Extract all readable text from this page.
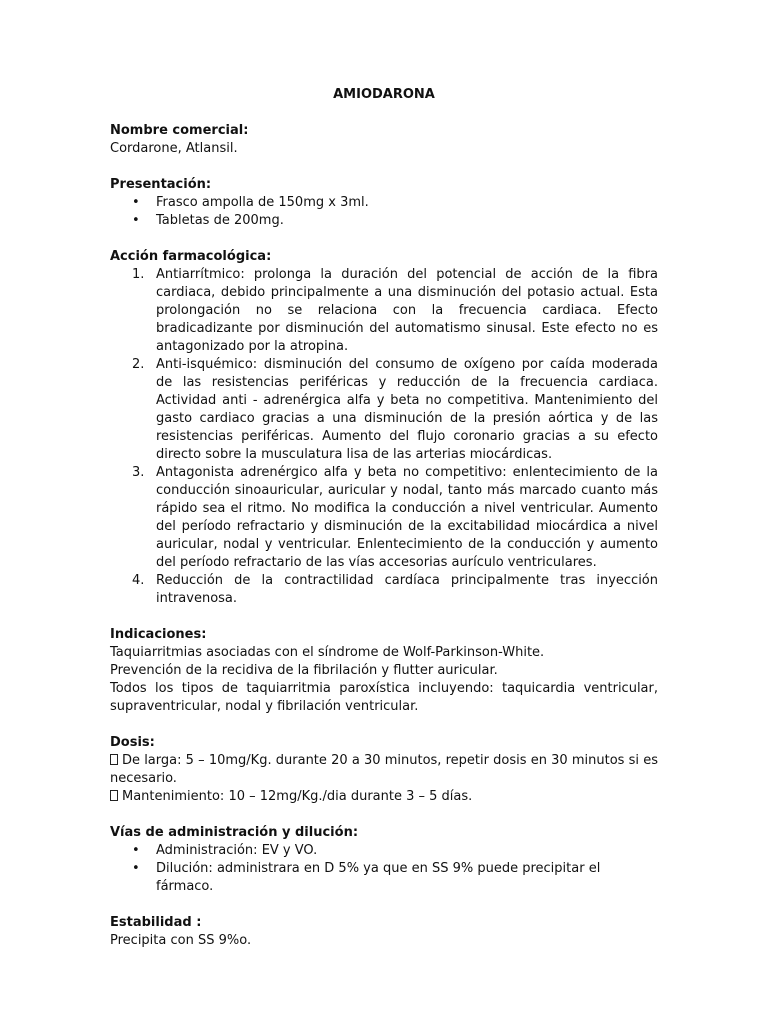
AMIODARONA

Nombre comercial:

Cordarone, Atlansil.

Presentación:

• Frasco ampolla de 150mg x 3ml.
• Tabletas de 200mg.

Acción farmacológica:

1. Antiarrítmico: prolonga la duración del potencial de acción de la fibra cardiaca, debido principalmente a una disminución del potasio actual. Esta prolongación no se relaciona con la frecuencia cardiaca. Efecto bradicadizante por disminución del automatismo sinusal. Este efecto no es antagonizado por la atropina.
2. Anti-isquémico: disminución del consumo de oxígeno por caída moderada de las resistencias periféricas y reducción de la frecuencia cardiaca. Actividad anti - adrenérgica alfa y beta no competitiva. Mantenimiento del gasto cardiaco gracias a una disminución de la presión aórtica y de las resistencias periféricas. Aumento del flujo coronario gracias a su efecto directo sobre la musculatura lisa de las arterias miocárdicas.
3. Antagonista adrenérgico alfa y beta no competitivo: enlentecimiento de la conducción sinoauricular, auricular y nodal, tanto más marcado cuanto más rápido sea el ritmo. No modifica la conducción a nivel ventricular. Aumento del período refractario y disminución de la excitabilidad miocárdica a nivel auricular, nodal y ventricular. Enlentecimiento de la conducción y aumento del período refractario de las vías accesorias aurículo ventriculares.
4. Reducción de la contractilidad cardíaca principalmente tras inyección intravenosa.

Indicaciones:

Taquiarritmias asociadas con el síndrome de Wolf-Parkinson-White.

Prevención de la recidiva de la fibrilación y flutter auricular.

Todos los tipos de taquiarritmia paroxística incluyendo: taquicardia ventricular, supraventricular, nodal y fibrilación ventricular.

Dosis:

De larga: 5 – 10mg/Kg. durante 20 a 30 minutos, repetir dosis en 30 minutos si es necesario.

Mantenimiento: 10 – 12mg/Kg./dia durante 3 – 5 días.

Vías de administración y dilución:

• Administración: EV y VO.
• Dilución: administrara en D 5% ya que en SS 9% puede precipitar el fármaco.

Estabilidad :

Precipita con SS 9%o.
